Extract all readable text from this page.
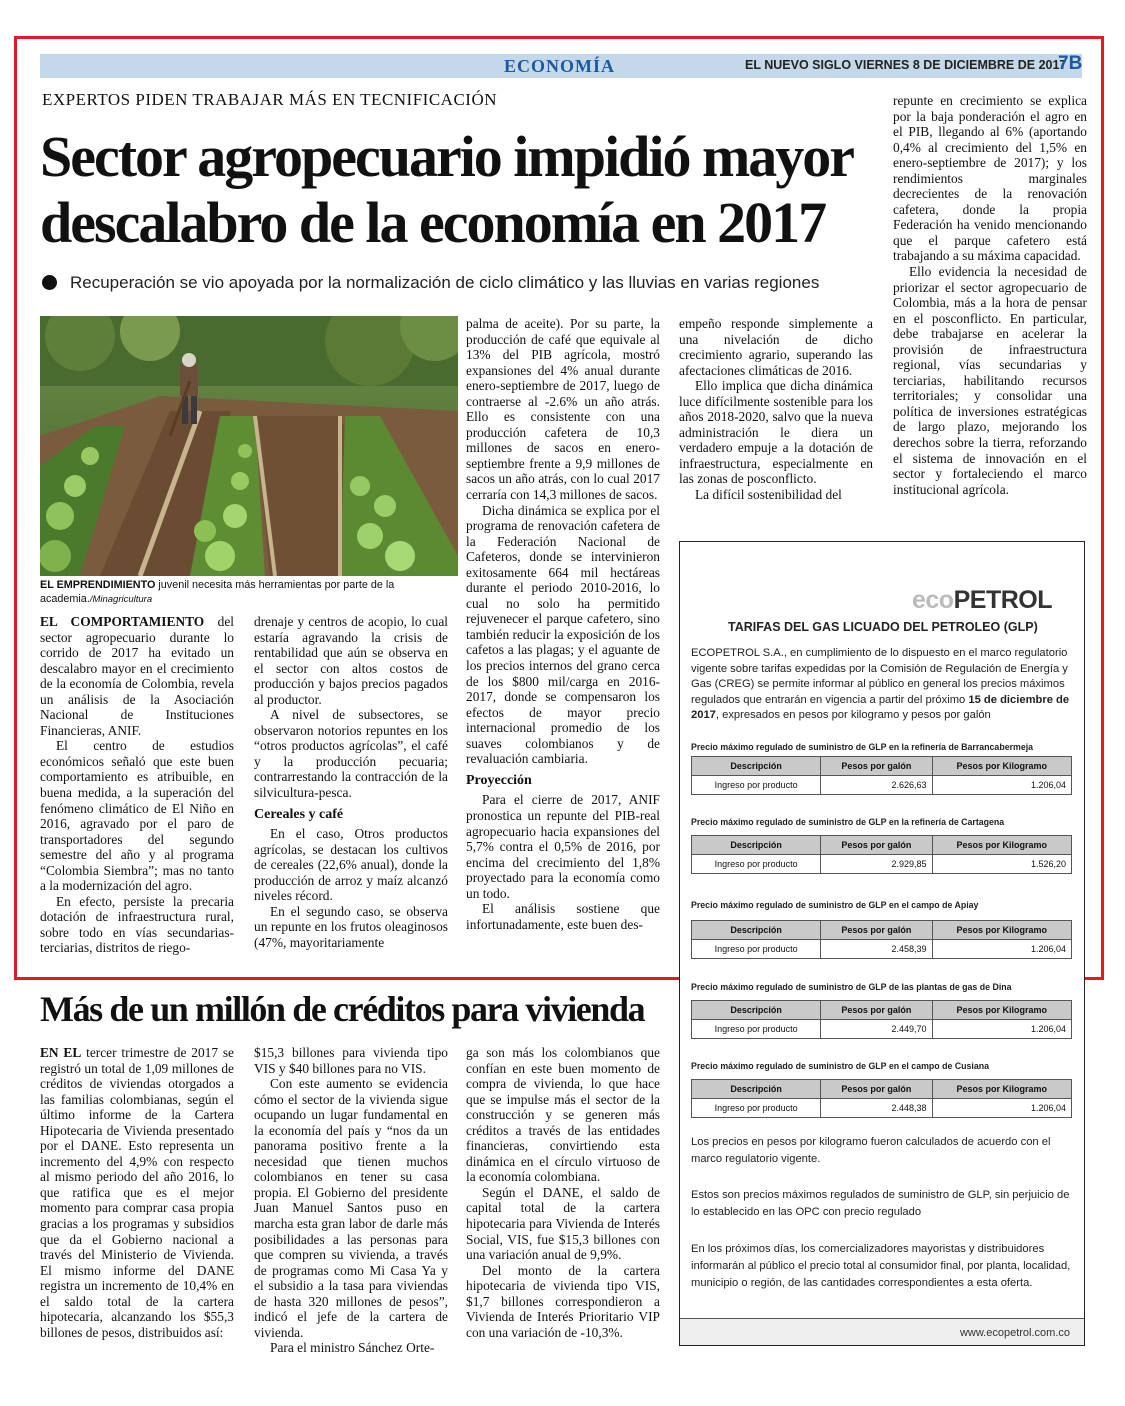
ECONOMÍA	EL NUEVO SIGLO VIERNES 8 DE DICIEMBRE DE 2017
7B
EXPERTOS PIDEN TRABAJAR MÁS EN TECNIFICACIÓN
Sector agropecuario impidió mayor descalabro de la economía en 2017
Recuperación se vio apoyada por la normalización de ciclo climático y las lluvias en varias regiones
EL EMPRENDIMIENTO juvenil necesita más herramientas por parte de la academia./Minagricultura

EL COMPORTAMIENTO del sector agropecuario durante lo corrido de 2017 ha evitado un descalabro mayor en el crecimiento de la economía de Colombia, revela un análisis de la Asociación Nacional de Instituciones Financieras, ANIF.

El centro de estudios económicos señaló que este buen comportamiento es atribuible, en buena medida, a la superación del fenómeno climático de El Niño en 2016, agravado por el paro de transportadores del segundo semestre del año y al programa “Colombia Siembra”; mas no tanto a la modernización del agro.

En efecto, persiste la precaria dotación de infraestructura rural, sobre todo en vías secundarias-terciarias, distritos de riego-

drenaje y centros de acopio, lo cual estaría agravando la crisis de rentabilidad que aún se observa en el sector con altos costos de producción y bajos precios pagados al productor.

A nivel de subsectores, se observaron notorios repuntes en los “otros productos agrícolas”, el café y la producción pecuaria; contrarrestando la contracción de la silvicultura-pesca.

Cereales y café

En el caso, Otros productos agrícolas, se destacan los cultivos de cereales (22,6% anual), donde la producción de arroz y maíz alcanzó niveles récord.

En el segundo caso, se observa un repunte en los frutos oleaginosos (47%, mayoritariamente

palma de aceite). Por su parte, la producción de café que equivale al 13% del PIB agrícola, mostró expansiones del 4% anual durante enero-septiembre de 2017, luego de contraerse al -2.6% un año atrás. Ello es consistente con una producción cafetera de 10,3 millones de sacos en enero-septiembre frente a 9,9 millones de sacos un año atrás, con lo cual 2017 cerraría con 14,3 millones de sacos.

Dicha dinámica se explica por el programa de renovación cafetera de la Federación Nacional de Cafeteros, donde se intervinieron exitosamente 664 mil hectáreas durante el periodo 2010-2016, lo cual no solo ha permitido rejuvenecer el parque cafetero, sino también reducir la exposición de los cafetos a las plagas; y el aguante de los precios internos del grano cerca de los $800 mil/carga en 2016-2017, donde se compensaron los efectos de mayor precio internacional promedio de los suaves colombianos y de revaluación cambiaria.

Proyección

Para el cierre de 2017, ANIF pronostica un repunte del PIB-real agropecuario hacia expansiones del 5,7% contra el 0,5% de 2016, por encima del crecimiento del 1,8% proyectado para la economía como un todo.

El análisis sostiene que infortunadamente, este buen des-

empeño responde simplemente a una nivelación de dicho crecimiento agrario, superando las afectaciones climáticas de 2016.

Ello implica que dicha dinámica luce difícilmente sostenible para los años 2018-2020, salvo que la nueva administración le diera un verdadero empuje a la dotación de infraestructura, especialmente en las zonas de posconflicto.

La difícil sostenibilidad del

repunte en crecimiento se explica por la baja ponderación el agro en el PIB, llegando al 6% (aportando 0,4% al crecimiento del 1,5% en enero-septiembre de 2017); y los rendimientos marginales decrecientes de la renovación cafetera, donde la propia Federación ha venido mencionando que el parque cafetero está trabajando a su máxima capacidad.

Ello evidencia la necesidad de priorizar el sector agropecuario de Colombia, más a la hora de pensar en el posconflicto. En particular, debe trabajarse en acelerar la provisión de infraestructura regional, vías secundarias y terciarias, habilitando recursos territoriales; y consolidar una política de inversiones estratégicas de largo plazo, mejorando los derechos sobre la tierra, reforzando el sistema de innovación en el sector y fortaleciendo el marco institucional agrícola.

Más de un millón de créditos para vivienda

EN EL tercer trimestre de 2017 se registró un total de 1,09 millones de créditos de viviendas otorgados a las familias colombianas, según el último informe de la Cartera Hipotecaria de Vivienda presentado por el DANE. Esto representa un incremento del 4,9% con respecto al mismo periodo del año 2016, lo que ratifica que es el mejor momento para comprar casa propia gracias a los programas y subsidios que da el Gobierno nacional a través del Ministerio de Vivienda. El mismo informe del DANE registra un incremento de 10,4% en el saldo total de la cartera hipotecaria, alcanzando los $55,3 billones de pesos, distribuidos así:

$15,3 billones para vivienda tipo VIS y $40 billones para no VIS.

Con este aumento se evidencia cómo el sector de la vivienda sigue ocupando un lugar fundamental en la economía del país y “nos da un panorama positivo frente a la necesidad que tienen muchos colombianos en tener su casa propia. El Gobierno del presidente Juan Manuel Santos puso en marcha esta gran labor de darle más posibilidades a las personas para que compren su vivienda, a través de programas como Mi Casa Ya y el subsidio a la tasa para viviendas de hasta 320 millones de pesos”, indicó el jefe de la cartera de vivienda.

Para el ministro Sánchez Orte-

ga son más los colombianos que confían en este buen momento de compra de vivienda, lo que hace que se impulse más el sector de la construcción y se generen más créditos a través de las entidades financieras, convirtiendo esta dinámica en el círculo virtuoso de la economía colombiana.

Según el DANE, el saldo de capital total de la cartera hipotecaria para Vivienda de Interés Social, VIS, fue $15,3 billones con una variación anual de 9,9%.

Del monto de la cartera hipotecaria de vivienda tipo VIS, $1,7 billones correspondieron a Vivienda de Interés Prioritario VIP con una variación de -10,3%.

ecoPETROL
TARIFAS DEL GAS LICUADO DEL PETROLEO (GLP)
ECOPETROL S.A., en cumplimiento de lo dispuesto en el marco regulatorio vigente sobre tarifas expedidas por la Comisión de Regulación de Energía y Gas (CREG) se permite informar al público en general los precios máximos regulados que entrarán en vigencia a partir del próximo 15 de diciembre de 2017, expresados en pesos por kilogramo y pesos por galón
Precio máximo regulado de suministro de GLP en la refinería de Barrancabermeja
Descripción	Pesos por galón	Pesos por Kilogramo
Ingreso por producto	2.626,63	1.206,04
Precio máximo regulado de suministro de GLP en la refinería de Cartagena
Descripción	Pesos por galón	Pesos por Kilogramo
Ingreso por producto	2.929,85	1.526,20
Precio máximo regulado de suministro de GLP en el campo de Apiay
Descripción	Pesos por galón	Pesos por Kilogramo
Ingreso por producto	2.458,39	1.206,04
Precio máximo regulado de suministro de GLP de las plantas de gas de Dina
Descripción	Pesos por galón	Pesos por Kilogramo
Ingreso por producto	2.449,70	1.206,04
Precio máximo regulado de suministro de GLP en el campo de Cusiana
Descripción	Pesos por galón	Pesos por Kilogramo
Ingreso por producto	2.448,38	1.206,04
Los precios en pesos por kilogramo fueron calculados de acuerdo con el marco regulatorio vigente.
Estos son precios máximos regulados de suministro de GLP, sin perjuicio de lo establecido en las OPC con precio regulado
En los próximos días, los comercializadores mayoristas y distribuidores informarán al público el precio total al consumidor final, por planta, localidad, municipio o región, de las cantidades correspondientes a esta oferta.
www.ecopetrol.com.co
